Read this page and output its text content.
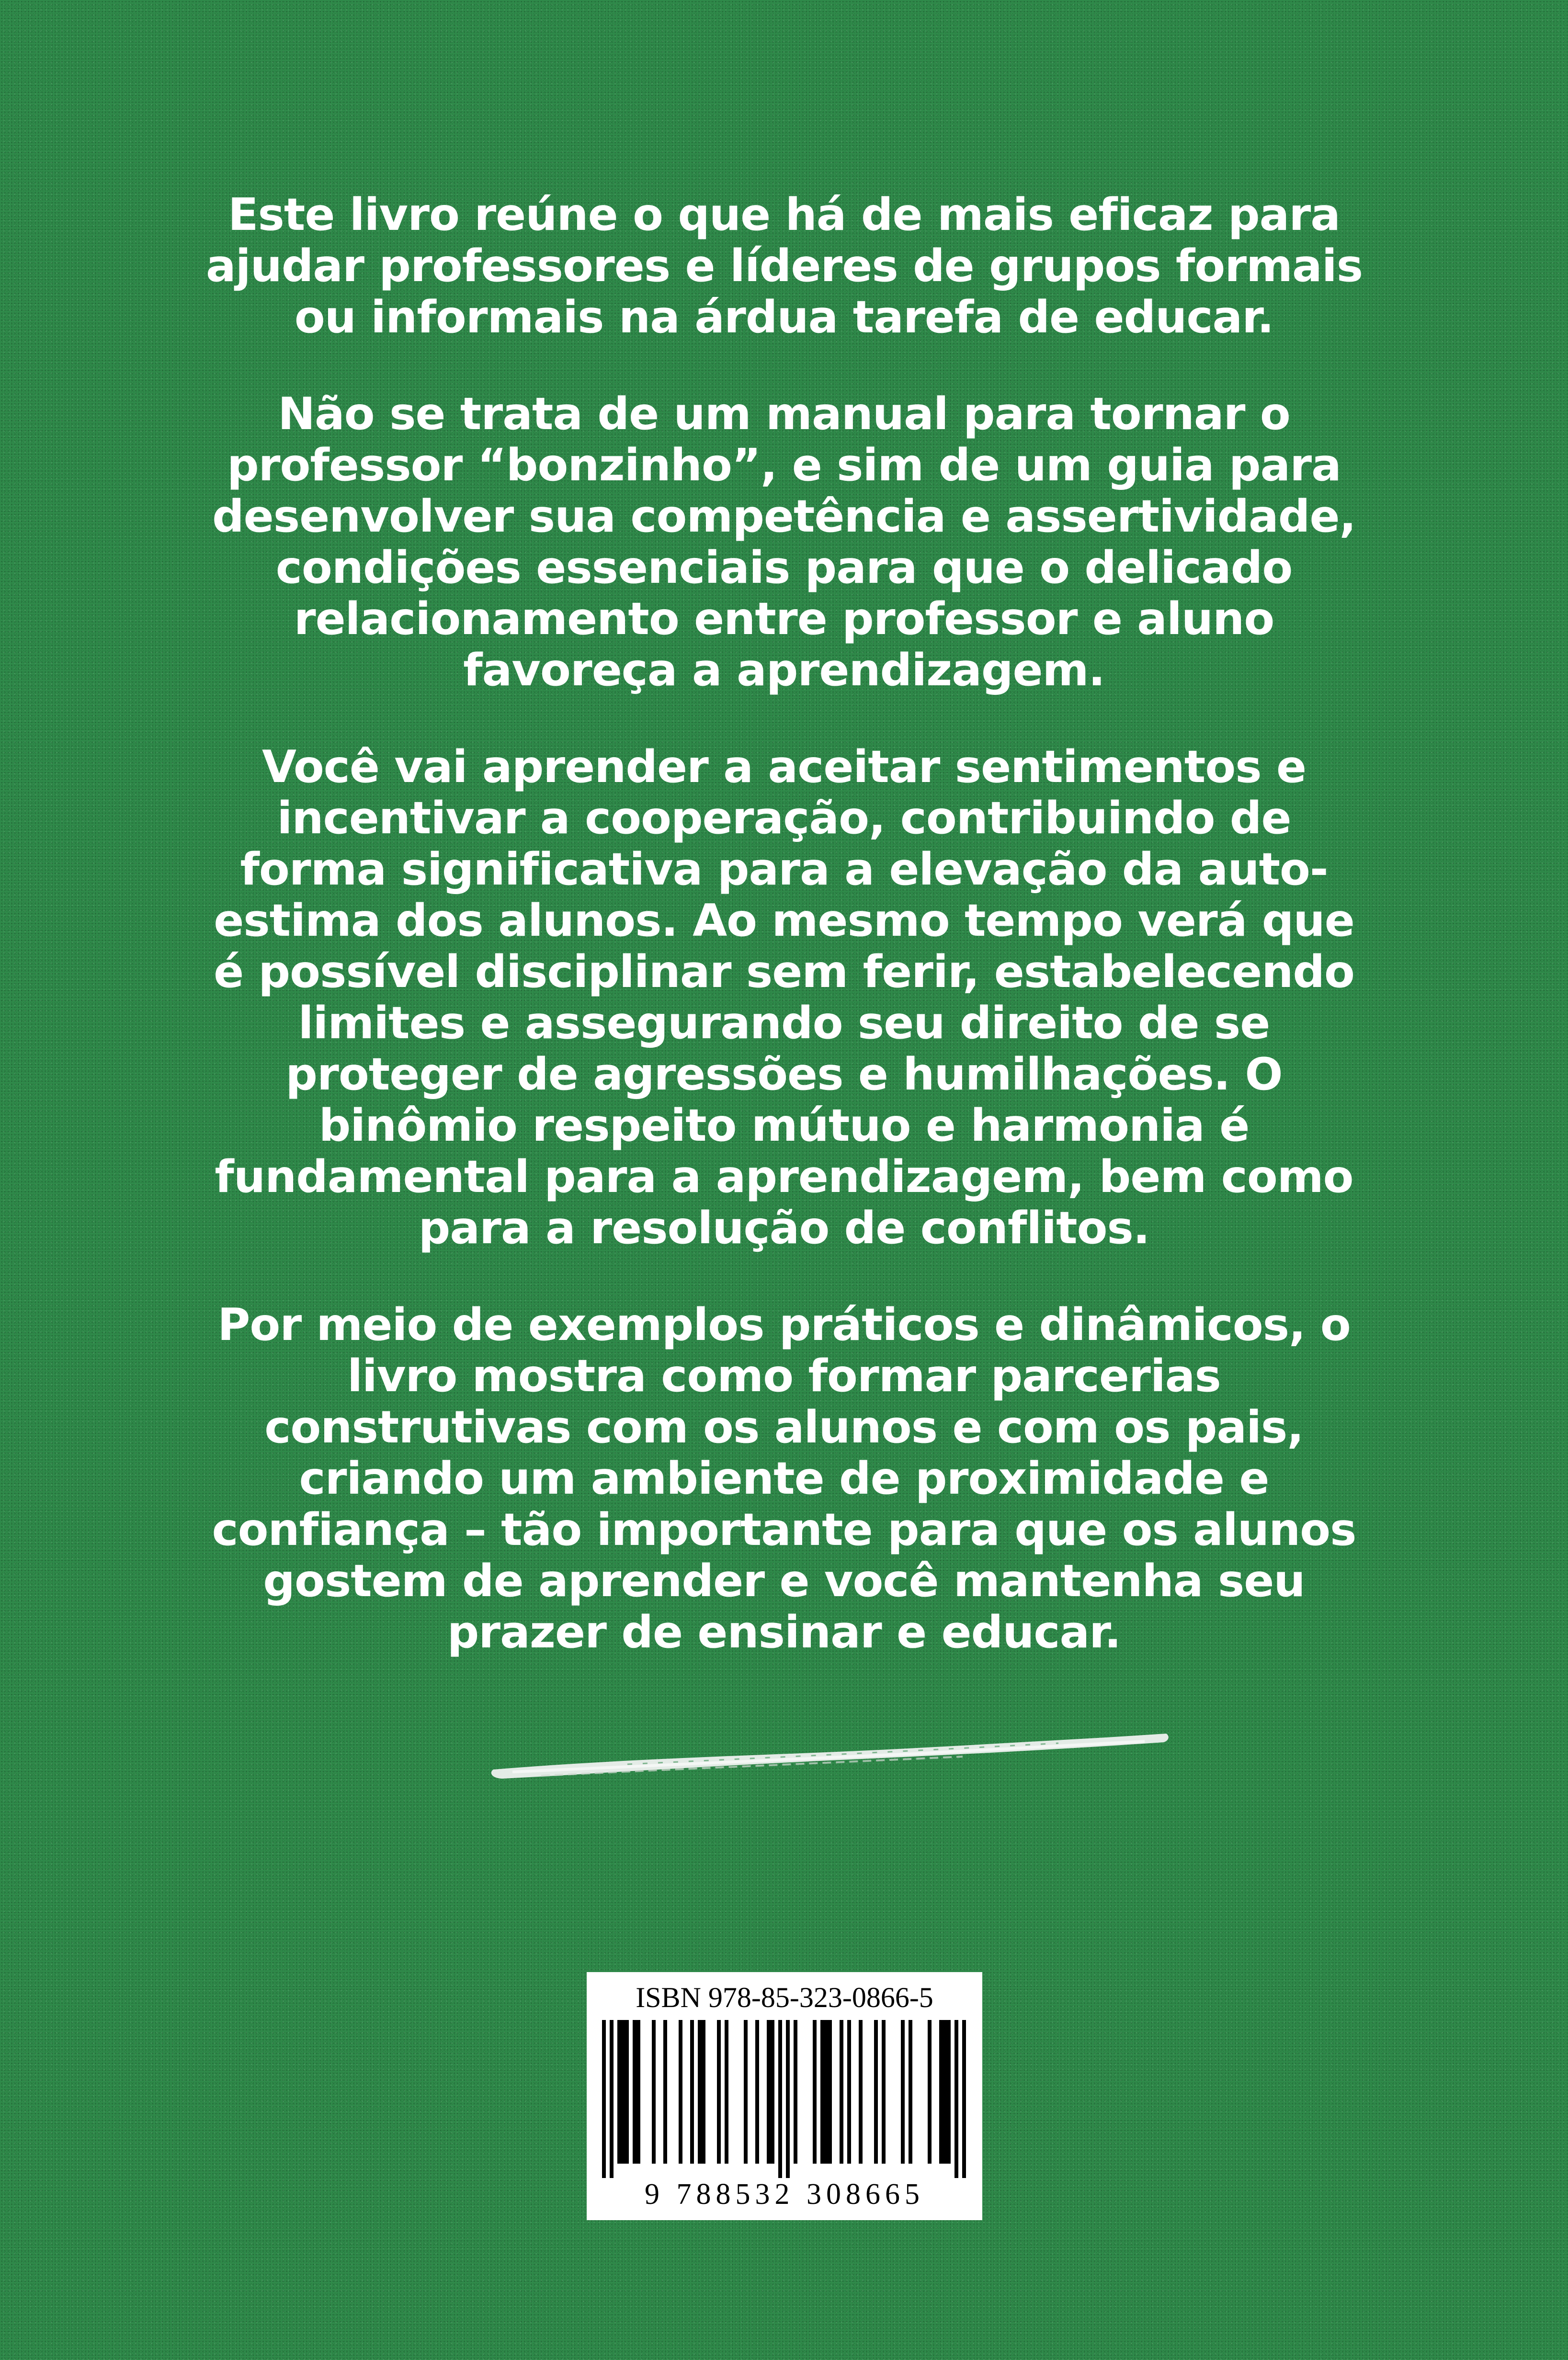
Este livro reúne o que há de mais eficaz para
ajudar professores e líderes de grupos formais
ou informais na árdua tarefa de educar.

Não se trata de um manual para tornar o
professor “bonzinho”, e sim de um guia para
desenvolver sua competência e assertividade,
condições essenciais para que o delicado
relacionamento entre professor e aluno
favoreça a aprendizagem.

Você vai aprender a aceitar sentimentos e
incentivar a cooperação, contribuindo de
forma significativa para a elevação da auto-
estima dos alunos. Ao mesmo tempo verá que
é possível disciplinar sem ferir, estabelecendo
limites e assegurando seu direito de se
proteger de agressões e humilhações. O
binômio respeito mútuo e harmonia é
fundamental para a aprendizagem, bem como
para a resolução de conflitos.

Por meio de exemplos práticos e dinâmicos, o
livro mostra como formar parcerias
construtivas com os alunos e com os pais,
criando um ambiente de proximidade e
confiança – tão importante para que os alunos
gostem de aprender e você mantenha seu
prazer de ensinar e educar.

ISBN 978-85-323-0866-5
9 788532 308665
